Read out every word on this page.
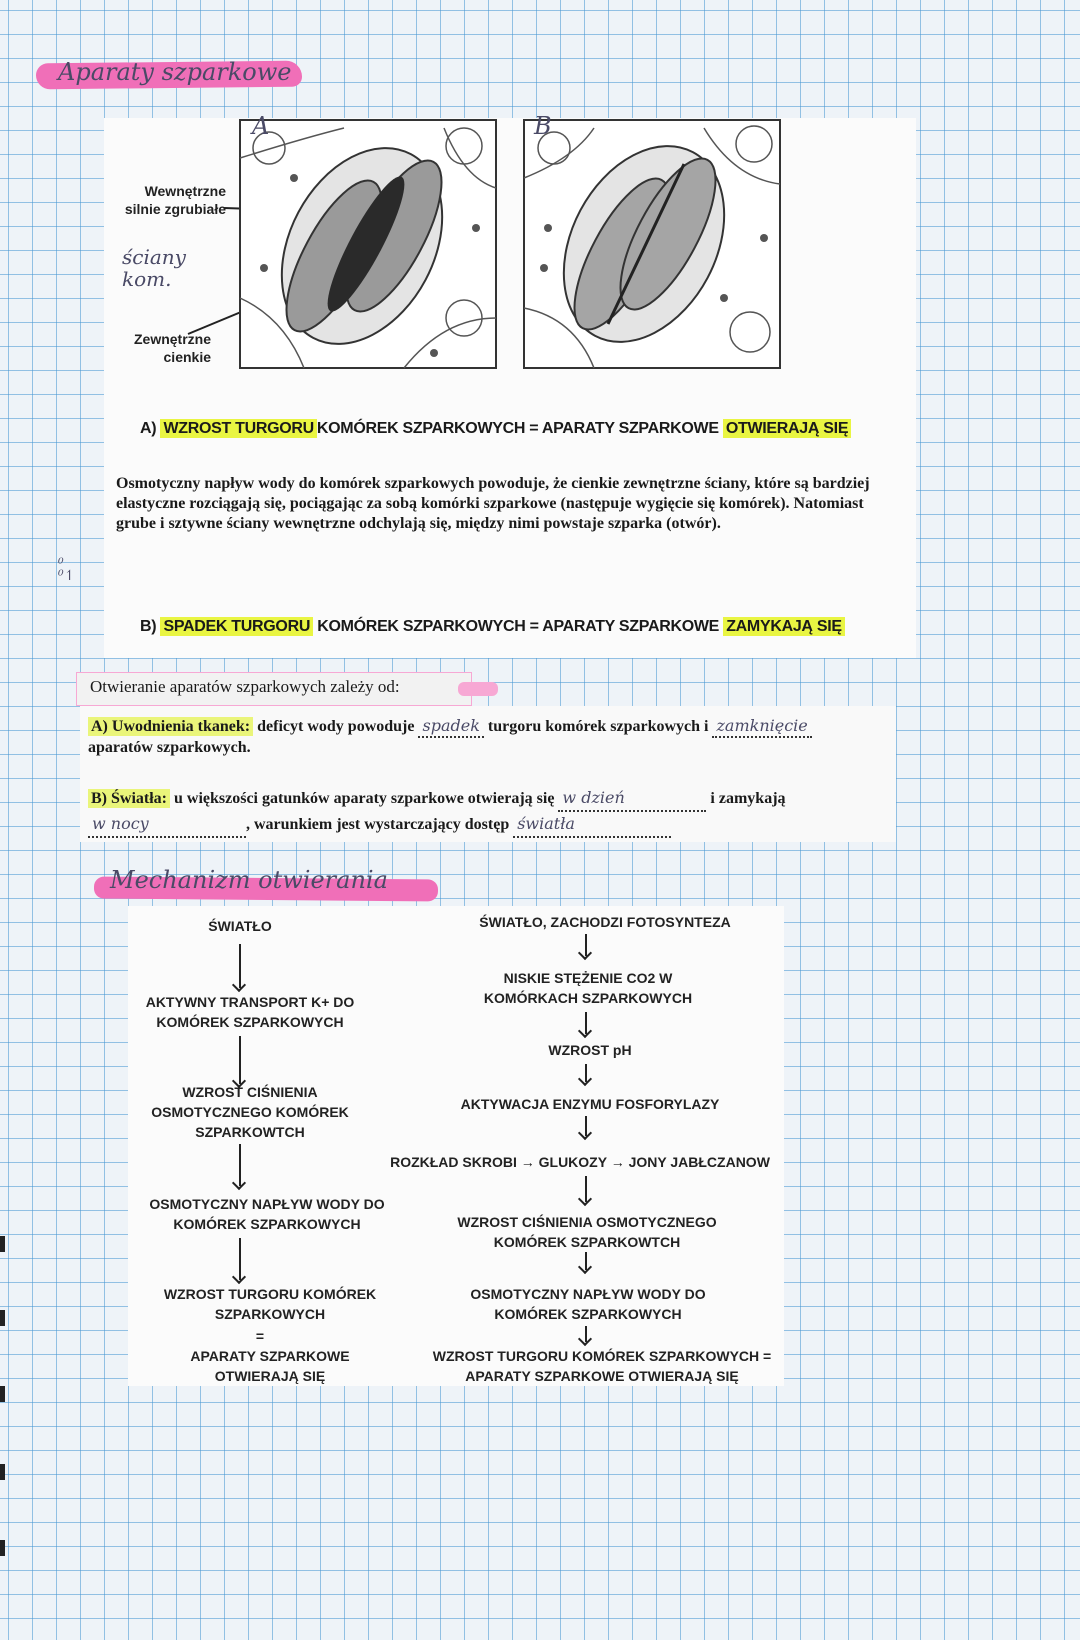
Aparaty szparkowe
Wewnętrzne silnie zgrubiałe
ściany kom.
Zewnętrzne cienkie
A	B
A) WZROST TURGORU KOMÓREK SZPARKOWYCH = APARATY SZPARKOWE OTWIERAJĄ SIĘ
Osmotyczny napływ wody do komórek szparkowych powoduje, że cienkie zewnętrzne ściany, które są bardziej elastyczne rozciągają się, pociągając za sobą komórki szparkowe (następuje wygięcie się komórek). Natomiast grube i sztywne ściany wewnętrzne odchylają się, między nimi powstaje szparka (otwór).
⁰
⁰↿
B) SPADEK TURGORU KOMÓREK SZPARKOWYCH = APARATY SZPARKOWE ZAMYKAJĄ SIĘ
Otwieranie aparatów szparkowych zależy od:
A) Uwodnienia tkanek: deficyt wody powoduje spadek turgoru komórek szparkowych i zamknięcie
aparatów szparkowych.
B) Światła: u większości gatunków aparaty szparkowe otwierają się w dzień	i zamykają
w nocy	, warunkiem jest wystarczający dostęp światła
Mechanizm otwierania
ŚWIATŁO
AKTYWNY TRANSPORT K+ DO KOMÓREK SZPARKOWYCH
WZROST CIŚNIENIA OSMOTYCZNEGO KOMÓREK SZPARKOWTCH
OSMOTYCZNY NAPŁYW WODY DO KOMÓREK SZPARKOWYCH
WZROST TURGORU KOMÓREK SZPARKOWYCH
=
APARATY SZPARKOWE OTWIERAJĄ SIĘ
ŚWIATŁO, ZACHODZI FOTOSYNTEZA
NISKIE STĘŻENIE CO2 W KOMÓRKACH SZPARKOWYCH
WZROST pH
AKTYWACJA ENZYMU FOSFORYLAZY
ROZKŁAD SKROBI → GLUKOZY → JONY JABŁCZANOW
WZROST CIŚNIENIA OSMOTYCZNEGO KOMÓREK SZPARKOWTCH
OSMOTYCZNY NAPŁYW WODY DO KOMÓREK SZPARKOWYCH
WZROST TURGORU KOMÓREK SZPARKOWYCH = APARATY SZPARKOWE OTWIERAJĄ SIĘ
